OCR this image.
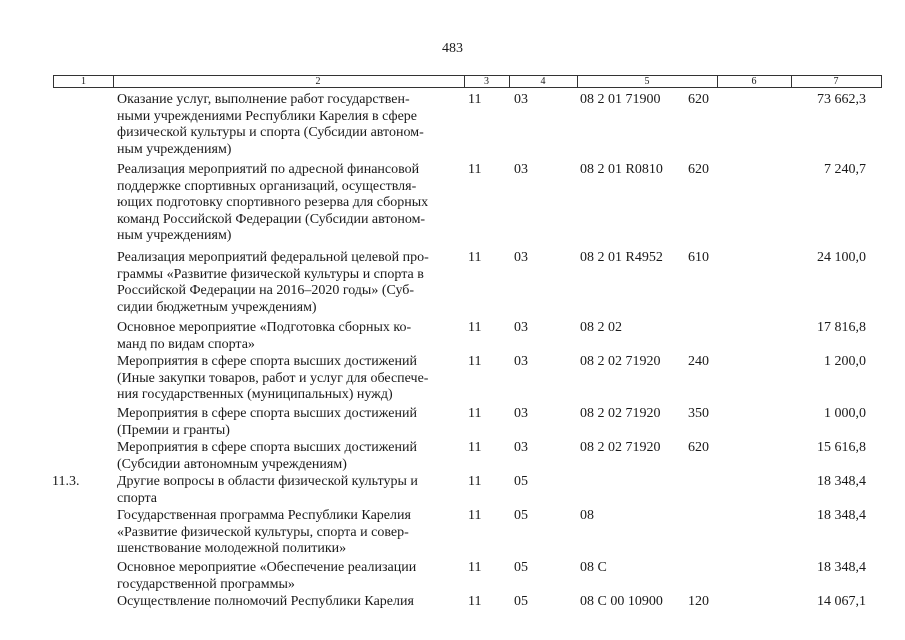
483
1	2	3	4	5	6	7
Оказание услуг, выполнение работ государствен-
ными учреждениями Республики Карелия в сфере
физической культуры и спорта (Субсидии автоном-
ным учреждениям)
11	03	08 2 01 71900	620	73 662,3
Реализация мероприятий по адресной финансовой
поддержке спортивных организаций, осуществля-
ющих подготовку спортивного резерва для сборных
команд Российской Федерации (Субсидии автоном-
ным учреждениям)
11	03	08 2 01 R0810	620	7 240,7
Реализация мероприятий федеральной целевой про-
граммы «Развитие физической культуры и спорта в
Российской Федерации на 2016–2020 годы» (Суб-
сидии бюджетным учреждениям)
11	03	08 2 01 R4952	610	24 100,0
Основное мероприятие «Подготовка сборных ко-
манд по видам спорта»
11	03	08 2 02	17 816,8
Мероприятия в сфере спорта высших достижений
(Иные закупки товаров, работ и услуг для обеспече-
ния государственных (муниципальных) нужд)
11	03	08 2 02 71920	240	1 200,0
Мероприятия в сфере спорта высших достижений
(Премии и гранты)
11	03	08 2 02 71920	350	1 000,0
Мероприятия в сфере спорта высших достижений
(Субсидии автономным учреждениям)
11	03	08 2 02 71920	620	15 616,8
11.3.	Другие вопросы в области физической культуры и
спорта
11	05	18 348,4
Государственная программа Республики Карелия
«Развитие физической культуры, спорта и совер-
шенствование молодежной политики»
11	05	08	18 348,4
Основное мероприятие «Обеспечение реализации
государственной программы»
11	05	08 С	18 348,4
Осуществление полномочий Республики Карелия	11	05	08 С 00 10900	120	14 067,1
